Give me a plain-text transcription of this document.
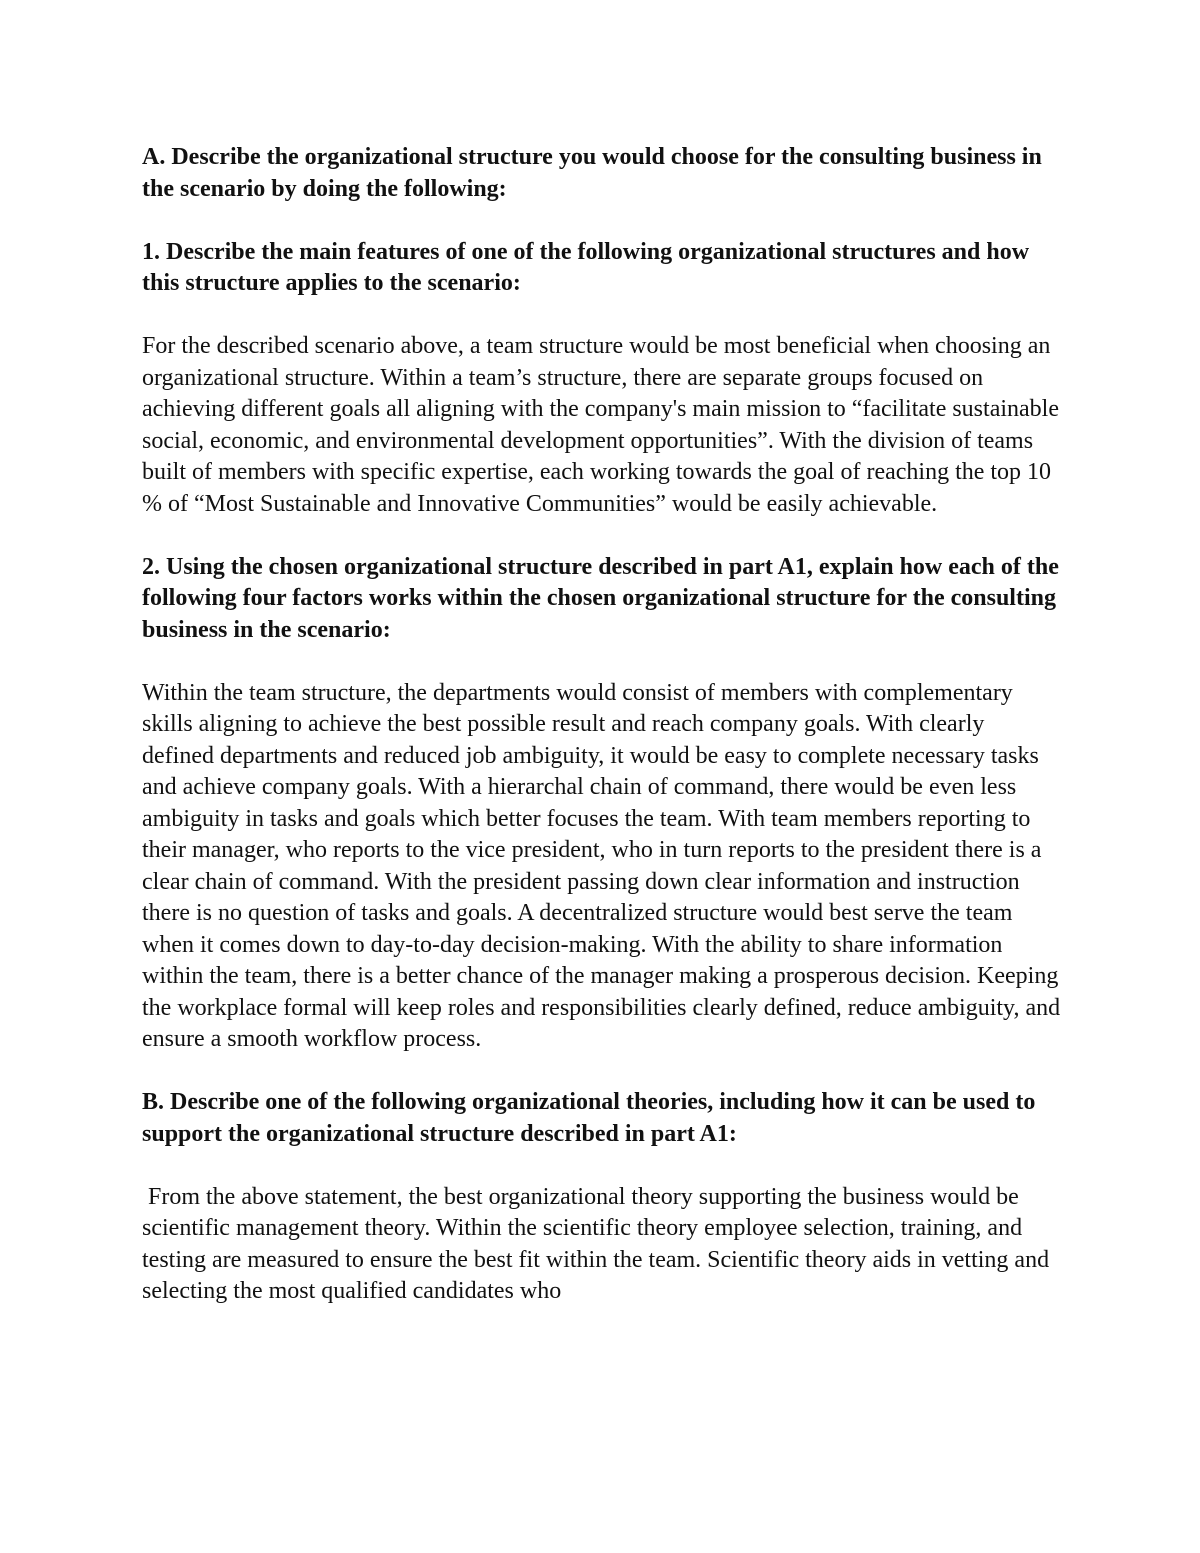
A. Describe the organizational structure you would choose for the consulting business in the scenario by doing the following:

1. Describe the main features of one of the following organizational structures and how this structure applies to the scenario:

For the described scenario above, a team structure would be most beneficial when choosing an organizational structure. Within a team’s structure, there are separate groups focused on achieving different goals all aligning with the company's main mission to “facilitate sustainable social, economic, and environmental development opportunities”. With the division of teams built of members with specific expertise, each working towards the goal of reaching the top 10 % of “Most Sustainable and Innovative Communities” would be easily achievable.

2. Using the chosen organizational structure described in part A1, explain how each of the following four factors works within the chosen organizational structure for the consulting business in the scenario:

Within the team structure, the departments would consist of members with complementary skills aligning to achieve the best possible result and reach company goals. With clearly defined departments and reduced job ambiguity, it would be easy to complete necessary tasks and achieve company goals. With a hierarchal chain of command, there would be even less ambiguity in tasks and goals which better focuses the team. With team members reporting to their manager, who reports to the vice president, who in turn reports to the president there is a clear chain of command. With the president passing down clear information and instruction there is no question of tasks and goals. A decentralized structure would best serve the team when it comes down to day-to-day decision-making. With the ability to share information within the team, there is a better chance of the manager making a prosperous decision. Keeping the workplace formal will keep roles and responsibilities clearly defined, reduce ambiguity, and ensure a smooth workflow process.

B. Describe one of the following organizational theories, including how it can be used to support the organizational structure described in part A1:

From the above statement, the best organizational theory supporting the business would be scientific management theory. Within the scientific theory employee selection, training, and testing are measured to ensure the best fit within the team. Scientific theory aids in vetting and selecting the most qualified candidates who
